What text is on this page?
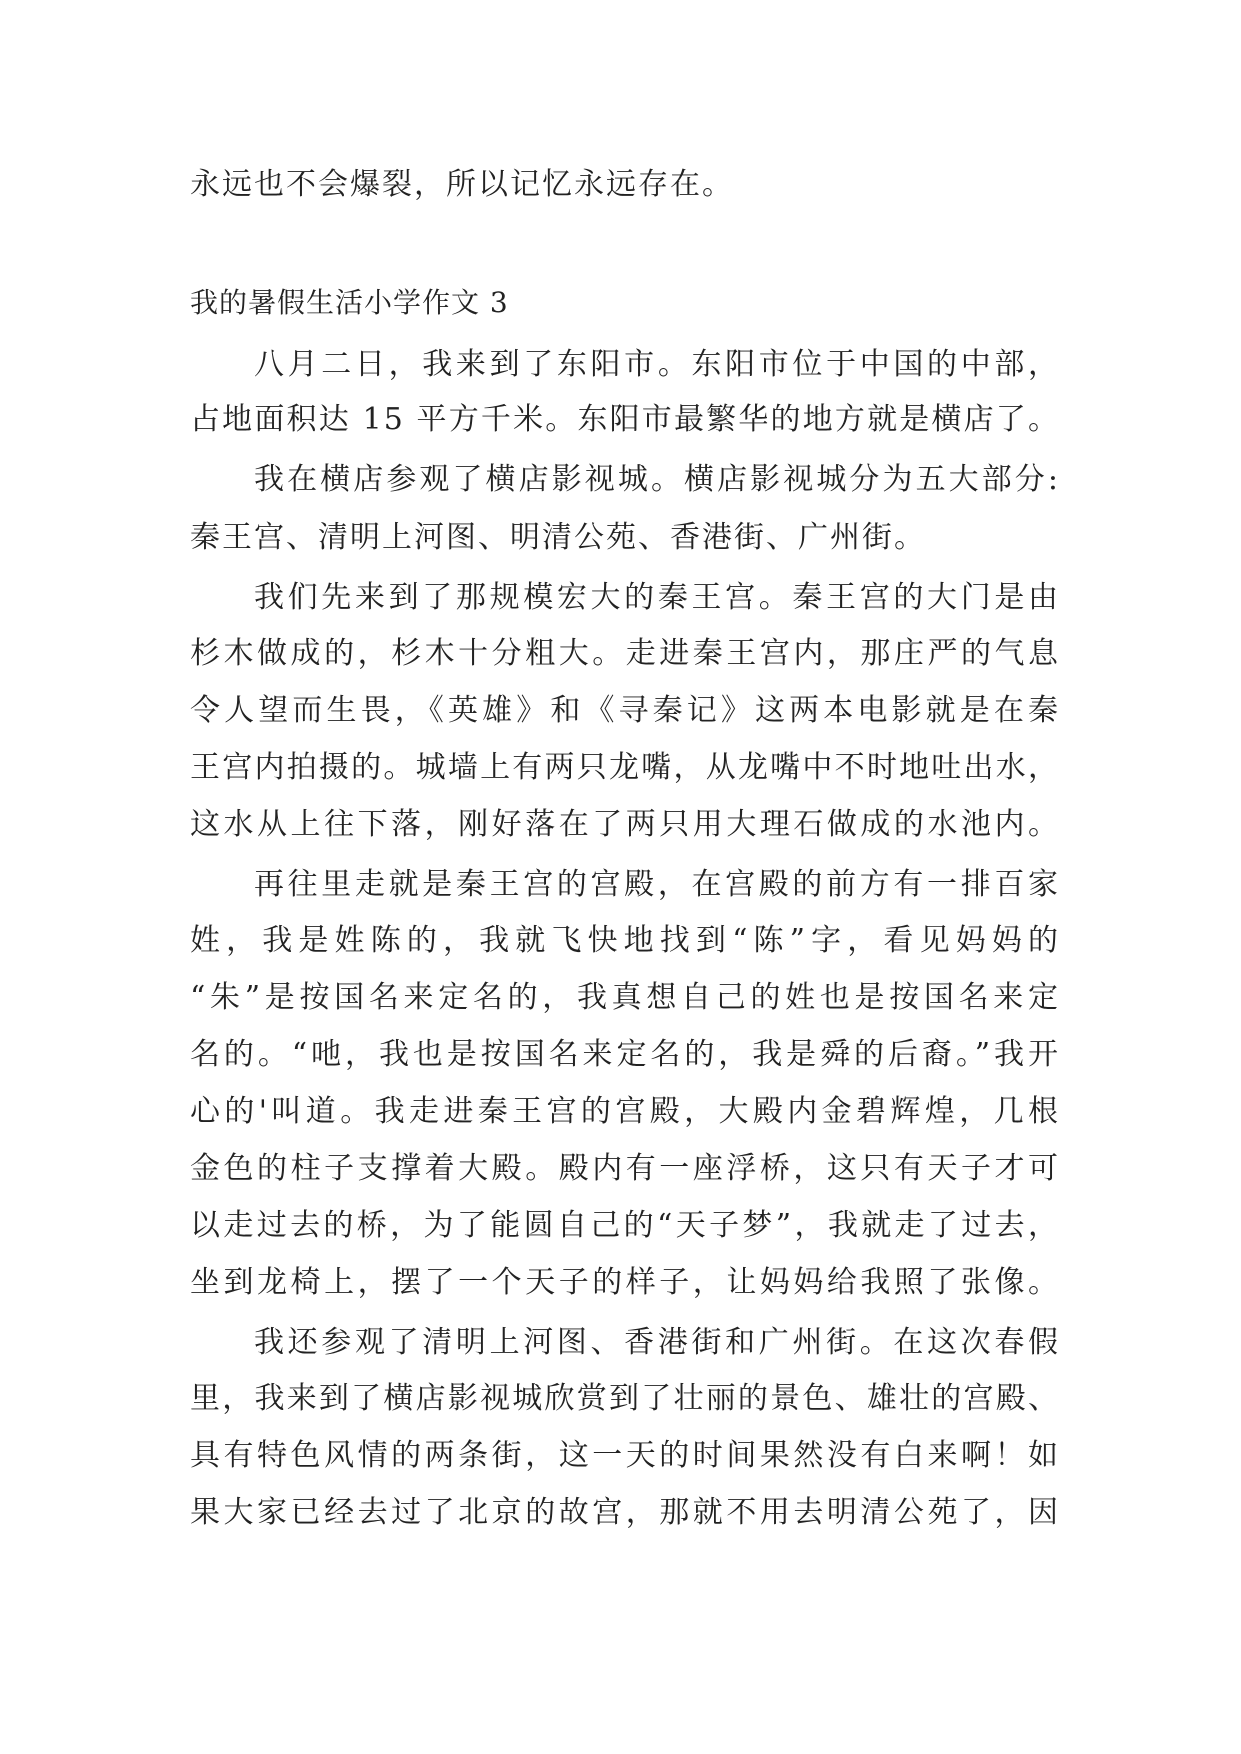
永远也不会爆裂，所以记忆永远存在。
我的暑假生活小学作文 3
八月二日，我来到了东阳市。东阳市位于中国的中部，
占地面积达 15 平方千米。东阳市最繁华的地方就是横店了。
我在横店参观了横店影视城。横店影视城分为五大部分:
秦王宫、清明上河图、明清公苑、香港街、广州街。
我们先来到了那规模宏大的秦王宫。秦王宫的大门是由
杉木做成的，杉木十分粗大。走进秦王宫内，那庄严的气息
令人望而生畏，《英雄》和《寻秦记》这两本电影就是在秦
王宫内拍摄的。城墙上有两只龙嘴，从龙嘴中不时地吐出水，
这水从上往下落，刚好落在了两只用大理石做成的水池内。
再往里走就是秦王宫的宫殿，在宫殿的前方有一排百家
姓，我是姓陈的，我就飞快地找到“陈”字，看见妈妈的
“朱”是按国名来定名的，我真想自己的姓也是按国名来定
名的。“吔，我也是按国名来定名的，我是舜的后裔。”我开
心的'叫道。我走进秦王宫的宫殿，大殿内金碧辉煌，几根
金色的柱子支撑着大殿。殿内有一座浮桥，这只有天子才可
以走过去的桥，为了能圆自己的“天子梦”，我就走了过去，
坐到龙椅上，摆了一个天子的样子，让妈妈给我照了张像。
我还参观了清明上河图、香港街和广州街。在这次春假
里，我来到了横店影视城欣赏到了壮丽的景色、雄壮的宫殿、
具有特色风情的两条街，这一天的时间果然没有白来啊！如
果大家已经去过了北京的故宫，那就不用去明清公苑了，因
